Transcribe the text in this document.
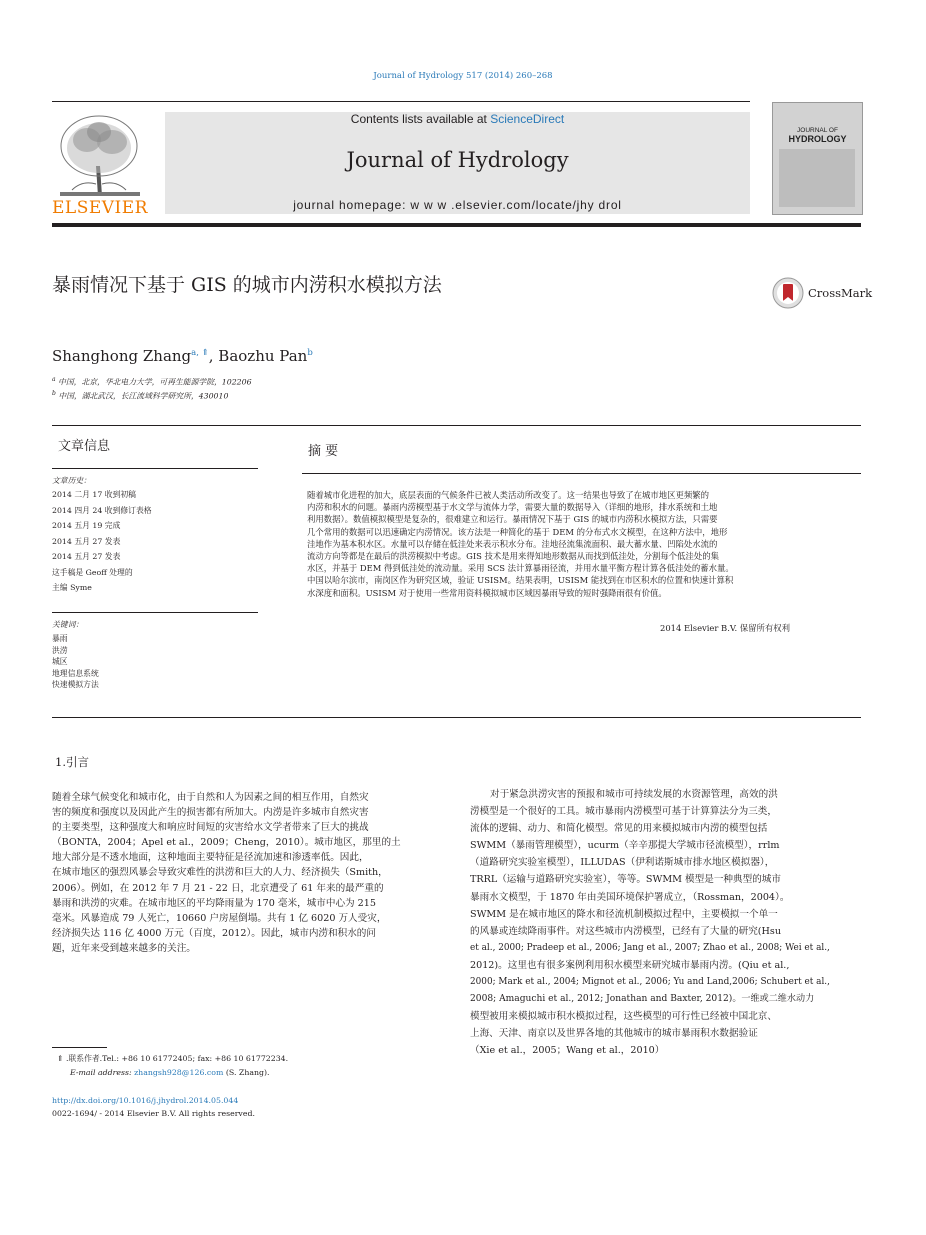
Journal of Hydrology 517 (2014) 260–268
ELSEVIER
Contents lists available at ScienceDirect
Journal of Hydrology
journal homepage: w w w .elsevier.com/locate/jhy drol
JOURNAL OF
HYDROLOGY
暴雨情况下基于 GIS 的城市内涝积水模拟方法	CrossMark
Shanghong Zhang$^{a, ⇑}$, Baozhu Pan$^b$
$^a$ 中国，北京，华北电力大学，可再生能源学院，102206
$^b$ 中国，湖北武汉，长江流域科学研究所，430010
文章信息
文章历史：
2014 二月 17 收到初稿
2014 四月 24 收到修订表格
2014 五月 19 完成
2014 五月 27 发表
2014 五月 27 发表
这手稿是 Geoff 处理的
主编 Syme
关键词：
暴雨
洪涝
城区
地理信息系统
快速模拟方法
摘 要
随着城市化进程的加大，底层表面的气候条件已被人类活动所改变了。这一结果也导致了在城市地区更频繁的
内涝和积水的问题。暴雨内涝模型基于水文学与流体力学，需要大量的数据导入（详细的地形，排水系统和土地
利用数据）。数值模拟模型是复杂的，很难建立和运行。暴雨情况下基于 GIS 的城市内涝积水模拟方法，只需要
几个常用的数据可以迅速确定内涝情况。该方法是一种简化的基于 DEM 的分布式水文模型，在这种方法中，地形
洼地作为基本积水区。水量可以存储在低洼处来表示积水分布。洼地径流集流面积、最大蓄水量、凹陷处水流的
流动方向等都是在最后的洪涝模拟中考虑。GIS 技术是用来得知地形数据从而找到低洼处，分割每个低洼处的集
水区，并基于 DEM 得到低洼处的流动量。采用 SCS 法计算暴雨径流，并用水量平衡方程计算各低洼处的蓄水量。
中国以哈尔滨市，南岗区作为研究区域，验证 USISM。结果表明，USISM 能找到在市区积水的位置和快速计算积
水深度和面积。USISM 对于使用一些常用资料模拟城市区域因暴雨导致的短时强降雨很有价值。
2014 Elsevier B.V. 保留所有权利
1.引言
随着全球气候变化和城市化，由于自然和人为因素之间的相互作用，自然灾
害的频度和强度以及因此产生的损害都有所加大。内涝是许多城市自然灾害
的主要类型，这种强度大和响应时间短的灾害给水文学者带来了巨大的挑战
（BONTA，2004；Apel et al.，2009；Cheng，2010）。城市地区，那里的土
地大部分是不透水地面，这种地面主要特征是径流加速和渗透率低。因此，
在城市地区的强烈风暴会导致灾难性的洪涝和巨大的人力、经济损失（Smith，
2006）。例如，在 2012 年 7 月 21 - 22 日，北京遭受了 61 年来的最严重的
暴雨和洪涝的灾难。在城市地区的平均降雨量为 170 毫米，城市中心为 215
毫米。风暴造成 79 人死亡，10660 户房屋倒塌。共有 1 亿 6020 万人受灾，
经济损失达 116 亿 4000 万元（百度，2012）。因此，城市内涝和积水的问
题，近年来受到越来越多的关注。
对于紧急洪涝灾害的预报和城市可持续发展的水资源管理，高效的洪
涝模型是一个很好的工具。城市暴雨内涝模型可基于计算算法分为三类，
流体的逻辑、动力、和简化模型。常见的用来模拟城市内涝的模型包括
SWMM（暴雨管理模型），ucurm（辛辛那提大学城市径流模型），rrlm
（道路研究实验室模型），ILLUDAS（伊利诺斯城市排水地区模拟器），
TRRL（运输与道路研究实验室），等等。SWMM 模型是一种典型的城市
暴雨水文模型，于 1870 年由美国环境保护署成立，（Rossman，2004）。
SWMM 是在城市地区的降水和径流机制模拟过程中，主要模拟一个单一
的风暴或连续降雨事件。对这些城市内涝模型，已经有了大量的研究(Hsu
et al., 2000; Pradeep et al., 2006; Jang et al., 2007; Zhao et al., 2008; Wei et al.,
2012)。这里也有很多案例利用积水模型来研究城市暴雨内涝。(Qiu et al.,
2000; Mark et al., 2004; Mignot et al., 2006; Yu and Land,2006; Schubert et al.,
2008; Amaguchi et al., 2012; Jonathan and Baxter, 2012)。一维或二维水动力
模型被用来模拟城市积水模拟过程，这些模型的可行性已经被中国北京、
上海、天津、南京以及世界各地的其他城市的城市暴雨积水数据验证
（Xie et al.，2005；Wang et al.，2010）
⇑ .联系作者.Tel.: +86 10 61772405; fax: +86 10 61772234.
E-mail address: zhangsh928@126.com (S. Zhang).
http://dx.doi.org/10.1016/j.jhydrol.2014.05.044
0022-1694/ - 2014 Elsevier B.V. All rights reserved.
